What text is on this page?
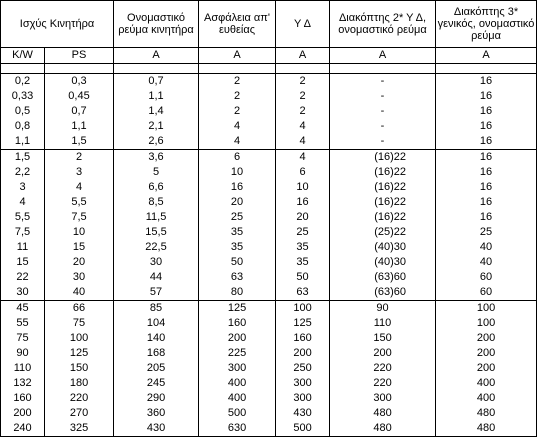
Ισχύς Κινητήρα		Ονομαστικό ρεύμα κινητήρα	Ασφάλεια απ' ευθείας	Υ Δ	Διακόπτης 2* Υ Δ, ονομαστικό ρεύμα	Διακόπτης 3* γενικός, ονομαστικό ρεύμα
K/W	PS	A	A	A	A	A

0,2	0,3	0,7	2	2	-	16
0,33	0,45	1,1	2	2	-	16
0,5	0,7	1,4	2	2	-	16
0,8	1,1	2,1	4	4	-	16
1,1	1,5	2,6	4	4	-	16
1,5	2	3,6	6	4	(16)22	16
2,2	3	5	10	6	(16)22	16
3	4	6,6	16	10	(16)22	16
4	5,5	8,5	20	16	(16)22	16
5,5	7,5	11,5	25	20	(16)22	16
7,5	10	15,5	35	25	(25)22	25
11	15	22,5	35	35	(40)30	40
15	20	30	50	35	(40)30	40
22	30	44	63	50	(63)60	60
30	40	57	80	63	(63)60	60
45	66	85	125	100	90	100
55	75	104	160	125	110	100
75	100	140	200	160	150	200
90	125	168	225	200	200	200
110	150	205	300	250	220	200
132	180	245	400	300	220	400
160	220	290	400	300	300	400
200	270	360	500	430	480	480
240	325	430	630	500	480	480
